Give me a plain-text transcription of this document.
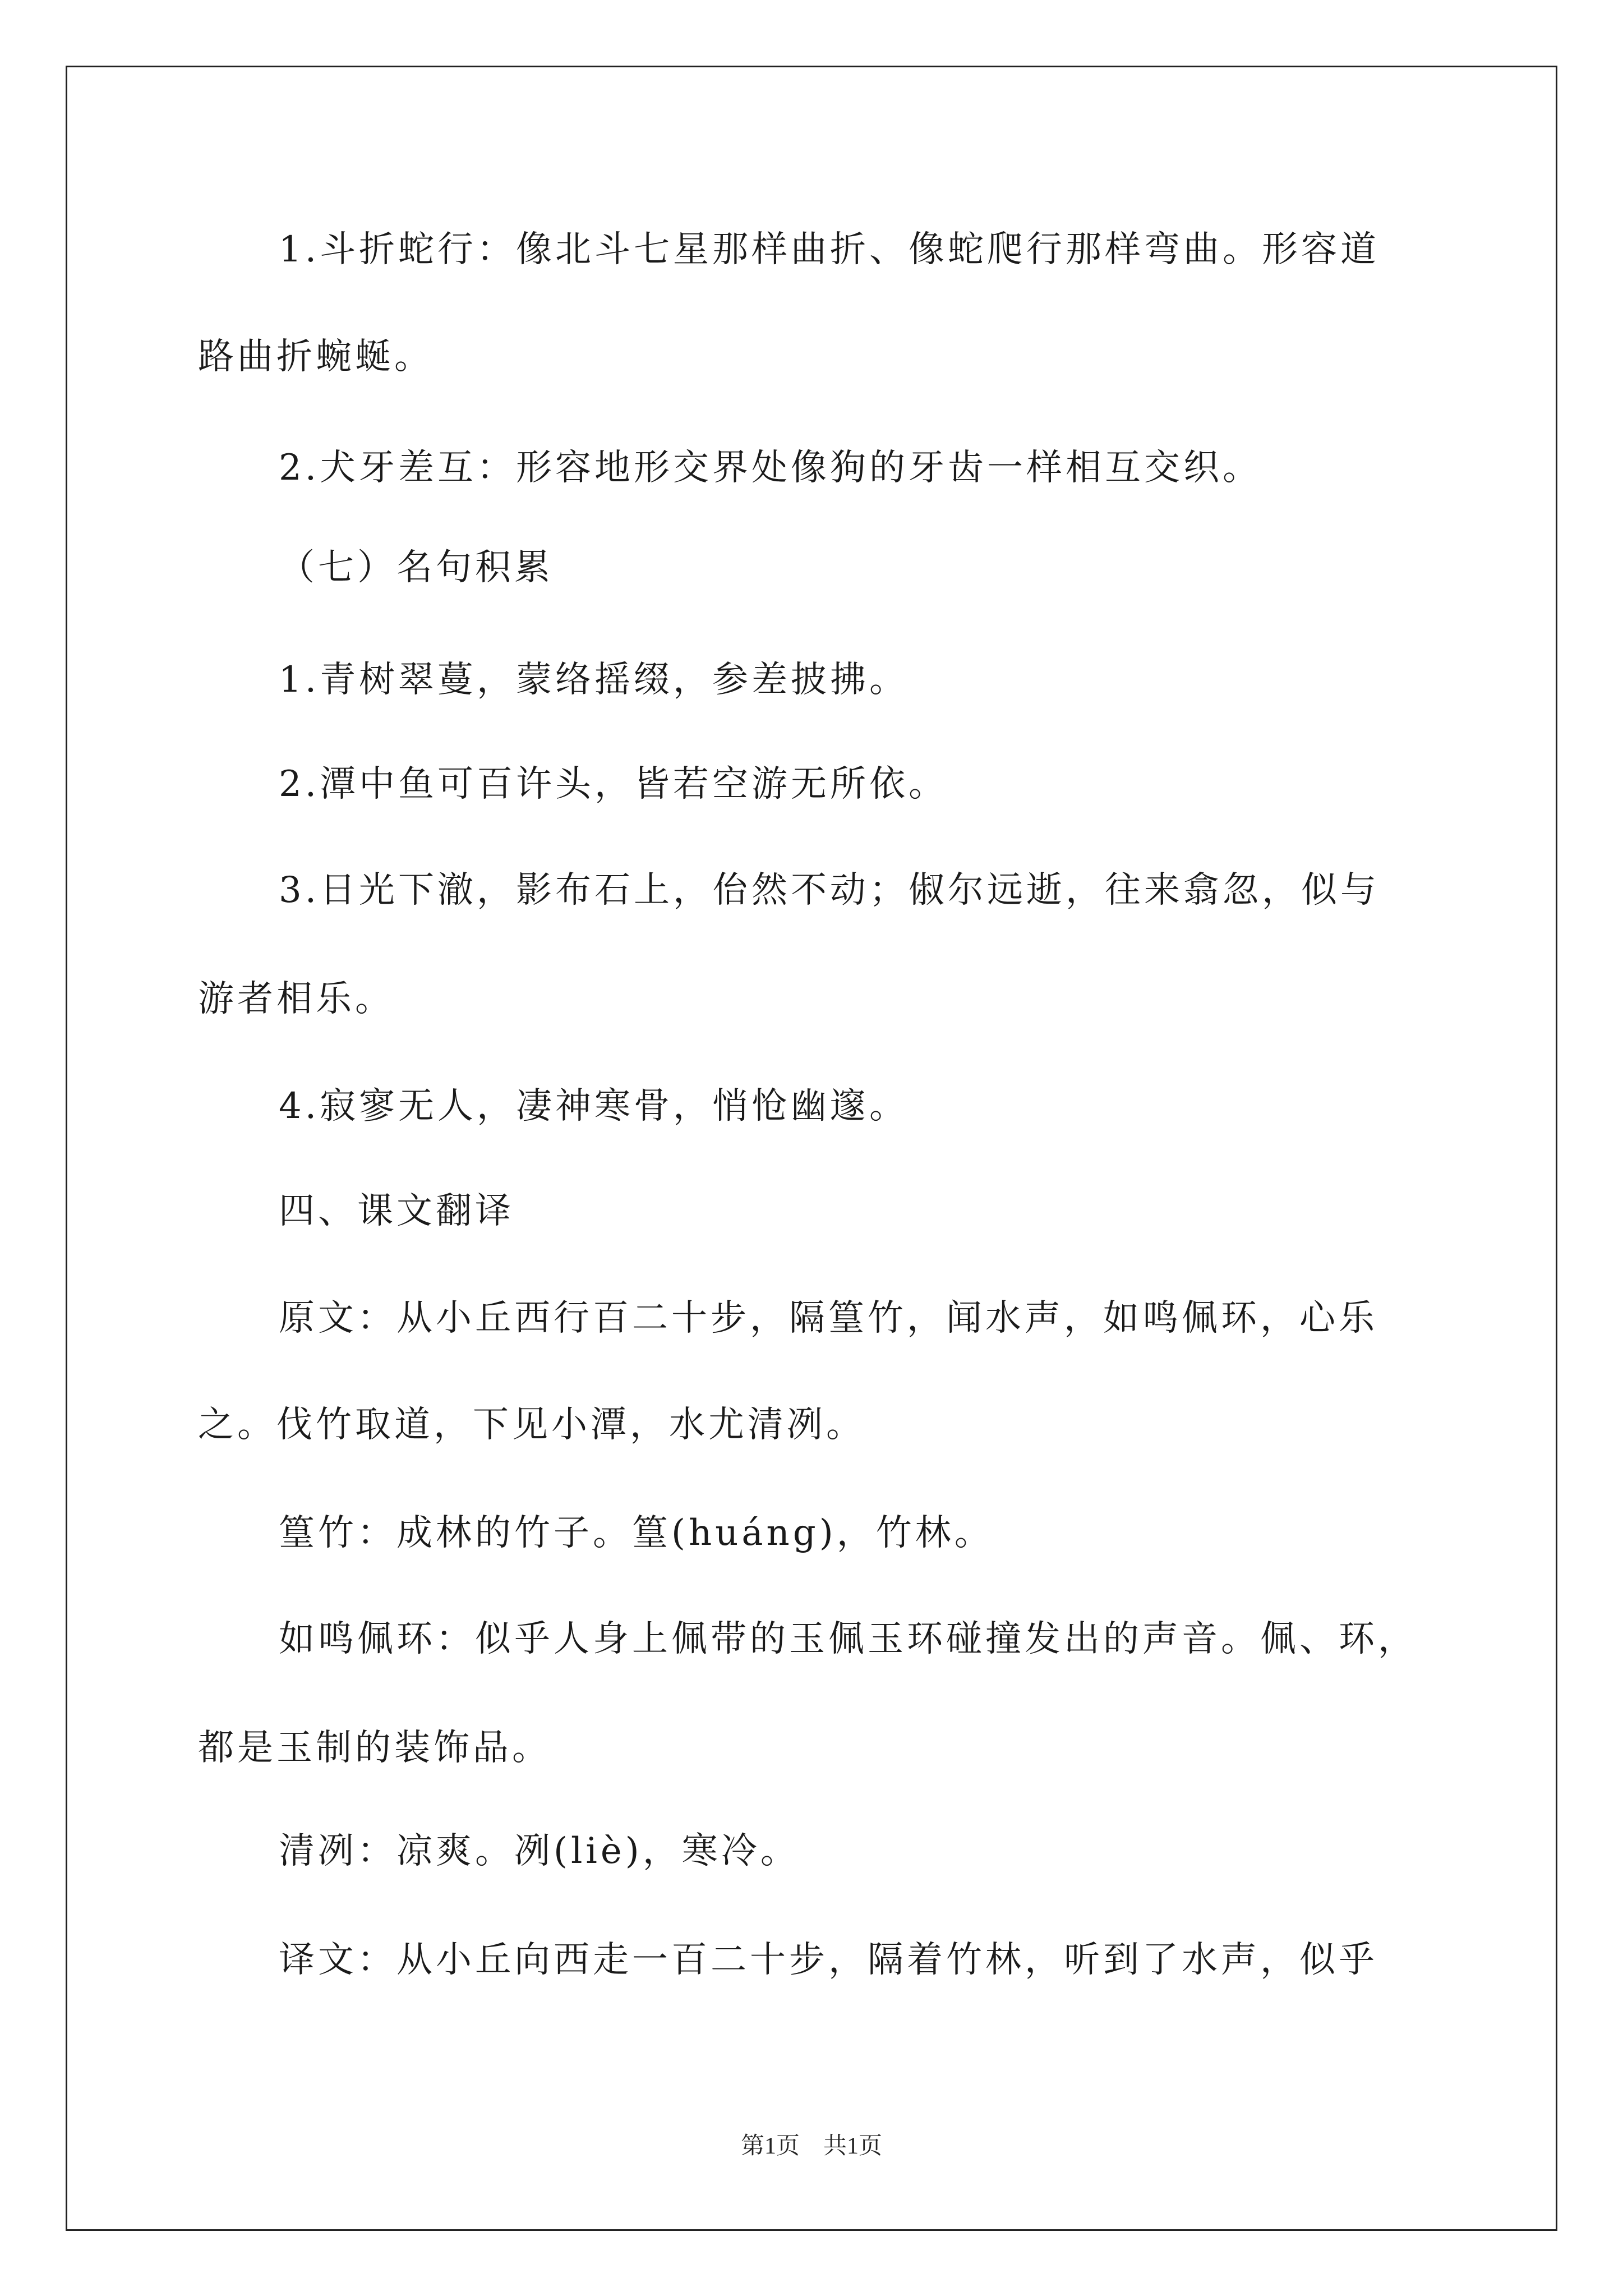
1.斗折蛇行：像北斗七星那样曲折、像蛇爬行那样弯曲。形容道
路曲折蜿蜒。
2.犬牙差互：形容地形交界处像狗的牙齿一样相互交织。
（七）名句积累
1.青树翠蔓，蒙络摇缀，参差披拂。
2.潭中鱼可百许头，皆若空游无所依。
3.日光下澈，影布石上，佁然不动；俶尔远逝，往来翕忽，似与
游者相乐。
4.寂寥无人，凄神寒骨，悄怆幽邃。
四、课文翻译
原文：从小丘西行百二十步，隔篁竹，闻水声，如鸣佩环，心乐
之。伐竹取道，下见小潭，水尤清冽。
篁竹：成林的竹子。篁(huáng)，竹林。
如鸣佩环：似乎人身上佩带的玉佩玉环碰撞发出的声音。佩、环，
都是玉制的装饰品。
清冽：凉爽。冽(liè)，寒冷。
译文：从小丘向西走一百二十步，隔着竹林，听到了水声，似乎
第1页　共1页
